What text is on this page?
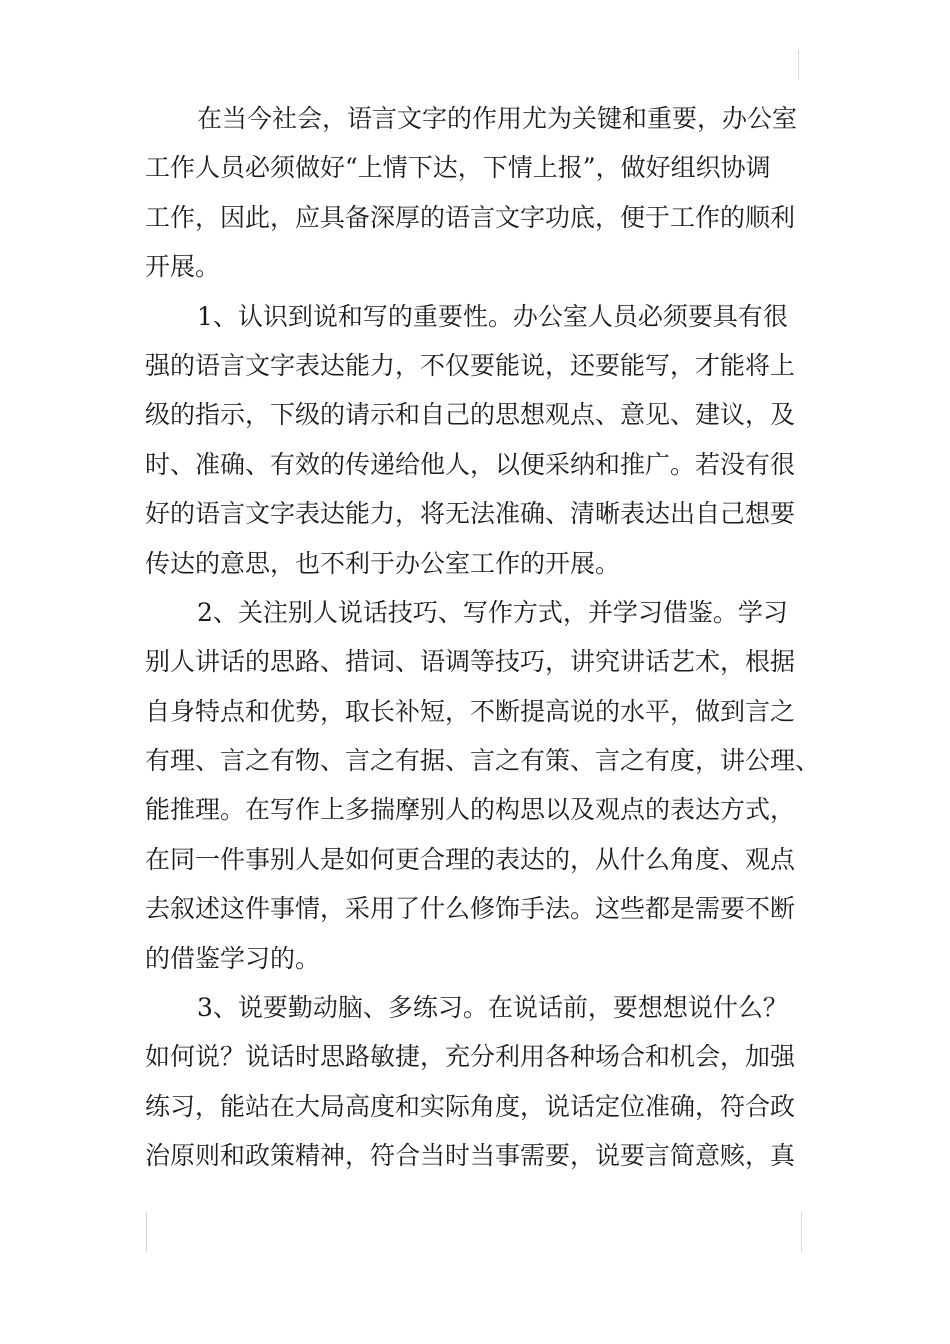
在当今社会，语言文字的作用尤为关键和重要，办公室
工作人员必须做好“上情下达，下情上报”，做好组织协调
工作，因此，应具备深厚的语言文字功底，便于工作的顺利
开展。
1、认识到说和写的重要性。办公室人员必须要具有很
强的语言文字表达能力，不仅要能说，还要能写，才能将上
级的指示，下级的请示和自己的思想观点、意见、建议，及
时、准确、有效的传递给他人，以便采纳和推广。若没有很
好的语言文字表达能力，将无法准确、清晰表达出自己想要
传达的意思，也不利于办公室工作的开展。
2、关注别人说话技巧、写作方式，并学习借鉴。学习
别人讲话的思路、措词、语调等技巧，讲究讲话艺术，根据
自身特点和优势，取长补短，不断提高说的水平，做到言之
有理、言之有物、言之有据、言之有策、言之有度，讲公理、
能推理。在写作上多揣摩别人的构思以及观点的表达方式，
在同一件事别人是如何更合理的表达的，从什么角度、观点
去叙述这件事情，采用了什么修饰手法。这些都是需要不断
的借鉴学习的。
3、说要勤动脑、多练习。在说话前，要想想说什么？
如何说？说话时思路敏捷，充分利用各种场合和机会，加强
练习，能站在大局高度和实际角度，说话定位准确，符合政
治原则和政策精神，符合当时当事需要，说要言简意赅，真
